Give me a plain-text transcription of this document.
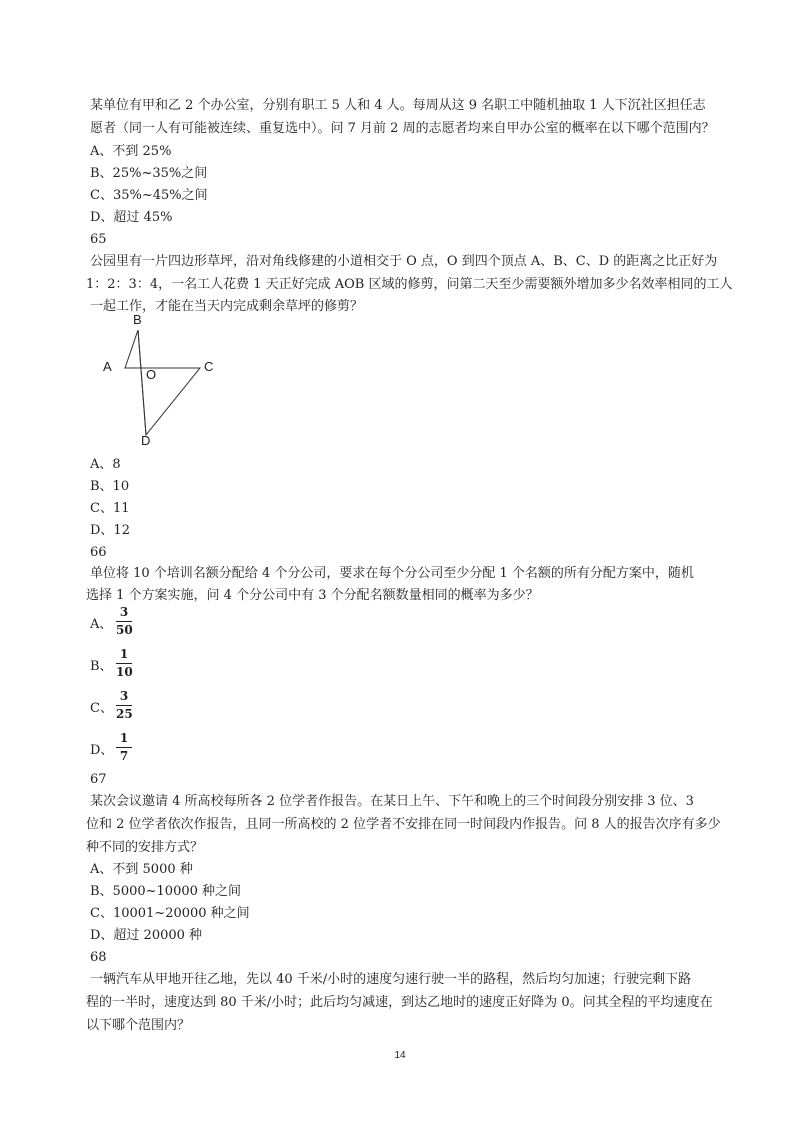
某单位有甲和乙 2 个办公室，分别有职工 5 人和 4 人。每周从这 9 名职工中随机抽取 1 人下沉社区担任志
愿者（同一人有可能被连续、重复选中）。问 7 月前 2 周的志愿者均来自甲办公室的概率在以下哪个范围内？
A、不到 25%
B、25%~35%之间
C、35%~45%之间
D、超过 45%
65
公园里有一片四边形草坪，沿对角线修建的小道相交于 O 点，O 到四个顶点 A、B、C、D 的距离之比正好为
1：2：3：4，一名工人花费 1 天正好完成 AOB 区域的修剪，问第二天至少需要额外增加多少名效率相同的工人
一起工作，才能在当天内完成剩余草坪的修剪？
B
A	C
D
O
A、8
B、10
C、11
D、12
66
单位将 10 个培训名额分配给 4 个分公司，要求在每个分公司至少分配 1 个名额的所有分配方案中，随机
选择 1 个方案实施，问 4 个分公司中有 3 个分配名额数量相同的概率为多少？
A、
3
50
B、
1
10
C、
3
25
D、
1
7
67
某次会议邀请 4 所高校每所各 2 位学者作报告。在某日上午、下午和晚上的三个时间段分别安排 3 位、3
位和 2 位学者依次作报告，且同一所高校的 2 位学者不安排在同一时间段内作报告。问 8 人的报告次序有多少
种不同的安排方式？
A、不到 5000 种
B、5000~10000 种之间
C、10001~20000 种之间
D、超过 20000 种
68
一辆汽车从甲地开往乙地，先以 40 千米/小时的速度匀速行驶一半的路程，然后均匀加速；行驶完剩下路
程的一半时，速度达到 80 千米/小时；此后均匀减速，到达乙地时的速度正好降为 0。问其全程的平均速度在
以下哪个范围内？
14
